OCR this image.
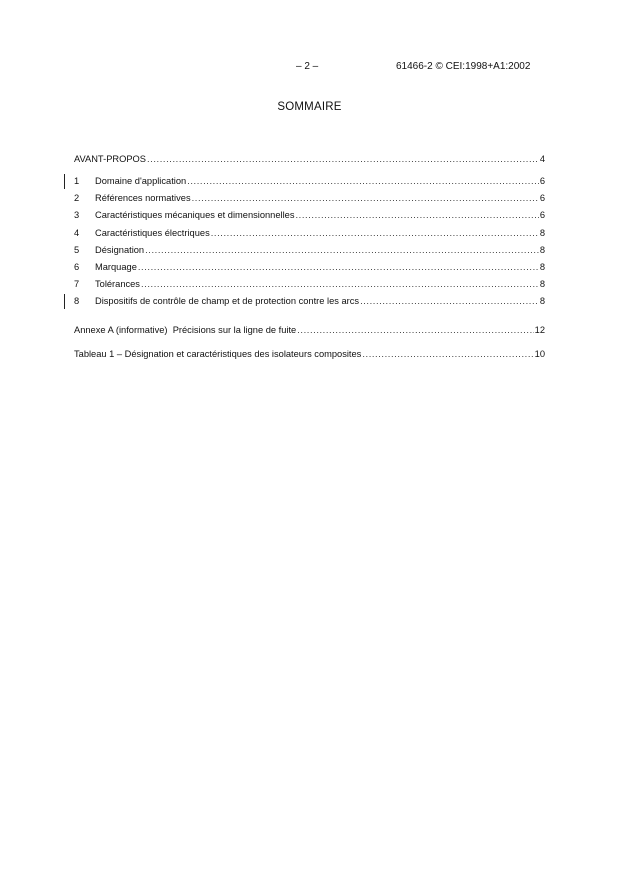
– 2 –	61466-2 © CEI:1998+A1:2002
SOMMAIRE
AVANT-PROPOS .....	4
1	Domaine d'application .....	6
2	Références normatives .....	6
3	Caractéristiques mécaniques et dimensionnelles .....	6
4	Caractéristiques électriques .....	8
5	Désignation .....	8
6	Marquage .....	8
7	Tolérances .....	8
8	Dispositifs de contrôle de champ et de protection contre les arcs .....	8
Annexe A (informative)  Précisions sur la ligne de fuite .....	12
Tableau 1 – Désignation et caractéristiques des isolateurs composites .....	10
